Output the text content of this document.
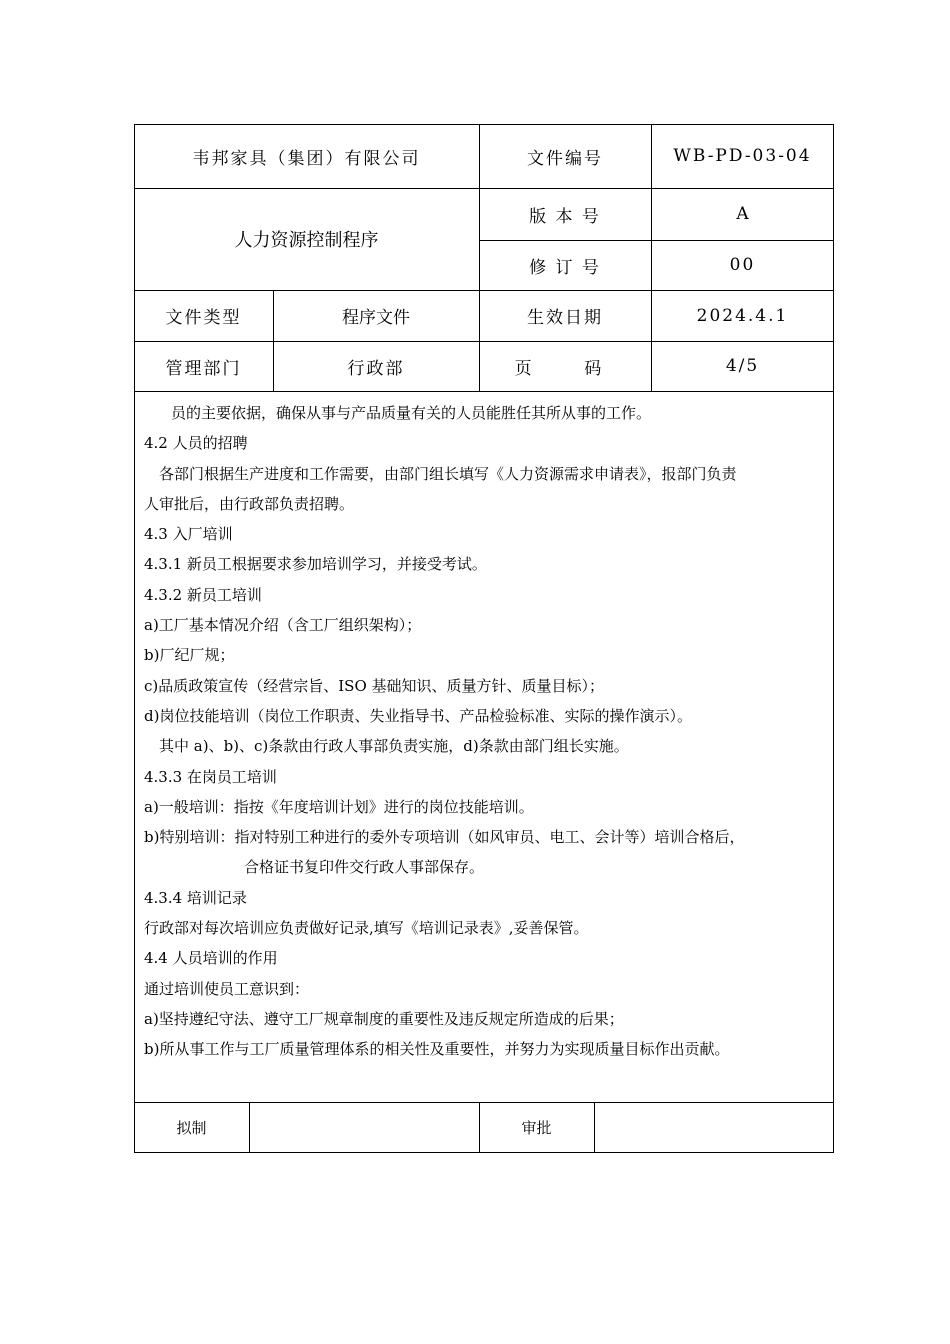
韦邦家具（集团）有限公司	文件编号	WB-PD-03-04
人力资源控制程序
版 本 号	A
修 订 号	00
文件类型	程序文件	生效日期	2024.4.1
管理部门	行政部	页  码	4/5
员的主要依据，确保从事与产品质量有关的人员能胜任其所从事的工作。
4.2 人员的招聘
各部门根据生产进度和工作需要，由部门组长填写《人力资源需求申请表》，报部门负责
人审批后，由行政部负责招聘。
4.3 入厂培训
4.3.1 新员工根据要求参加培训学习，并接受考试。
4.3.2 新员工培训
a)工厂基本情况介绍（含工厂组织架构）；
b)厂纪厂规；
c)品质政策宣传（经营宗旨、ISO 基础知识、质量方针、质量目标）；
d)岗位技能培训（岗位工作职责、失业指导书、产品检验标准、实际的操作演示）。
其中 a)、b)、c)条款由行政人事部负责实施，d)条款由部门组长实施。
4.3.3 在岗员工培训
a)一般培训：指按《年度培训计划》进行的岗位技能培训。
b)特别培训：指对特别工种进行的委外专项培训（如风审员、电工、会计等）培训合格后，
合格证书复印件交行政人事部保存。
4.3.4 培训记录
行政部对每次培训应负责做好记录,填写《培训记录表》,妥善保管。
4.4 人员培训的作用
通过培训使员工意识到：
a)坚持遵纪守法、遵守工厂规章制度的重要性及违反规定所造成的后果；
b)所从事工作与工厂质量管理体系的相关性及重要性，并努力为实现质量目标作出贡献。
拟制	审批
